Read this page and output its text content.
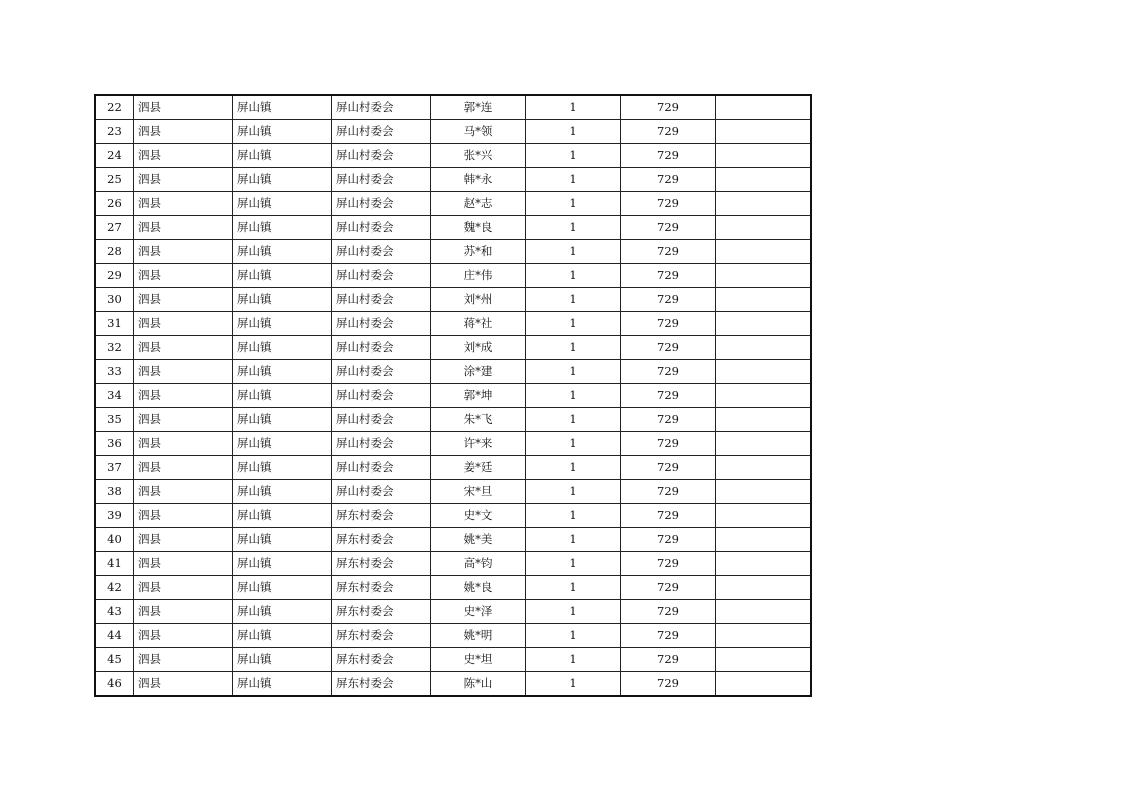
22	泗县	屏山镇	屏山村委会	郭*连	1	729	
23	泗县	屏山镇	屏山村委会	马*领	1	729	
24	泗县	屏山镇	屏山村委会	张*兴	1	729	
25	泗县	屏山镇	屏山村委会	韩*永	1	729	
26	泗县	屏山镇	屏山村委会	赵*志	1	729	
27	泗县	屏山镇	屏山村委会	魏*良	1	729	
28	泗县	屏山镇	屏山村委会	苏*和	1	729	
29	泗县	屏山镇	屏山村委会	庄*伟	1	729	
30	泗县	屏山镇	屏山村委会	刘*州	1	729	
31	泗县	屏山镇	屏山村委会	蒋*社	1	729	
32	泗县	屏山镇	屏山村委会	刘*成	1	729	
33	泗县	屏山镇	屏山村委会	涂*建	1	729	
34	泗县	屏山镇	屏山村委会	郭*坤	1	729	
35	泗县	屏山镇	屏山村委会	朱*飞	1	729	
36	泗县	屏山镇	屏山村委会	许*来	1	729	
37	泗县	屏山镇	屏山村委会	姜*廷	1	729	
38	泗县	屏山镇	屏山村委会	宋*旦	1	729	
39	泗县	屏山镇	屏东村委会	史*文	1	729	
40	泗县	屏山镇	屏东村委会	姚*美	1	729	
41	泗县	屏山镇	屏东村委会	高*钧	1	729	
42	泗县	屏山镇	屏东村委会	姚*良	1	729	
43	泗县	屏山镇	屏东村委会	史*泽	1	729	
44	泗县	屏山镇	屏东村委会	姚*明	1	729	
45	泗县	屏山镇	屏东村委会	史*坦	1	729	
46	泗县	屏山镇	屏东村委会	陈*山	1	729	
